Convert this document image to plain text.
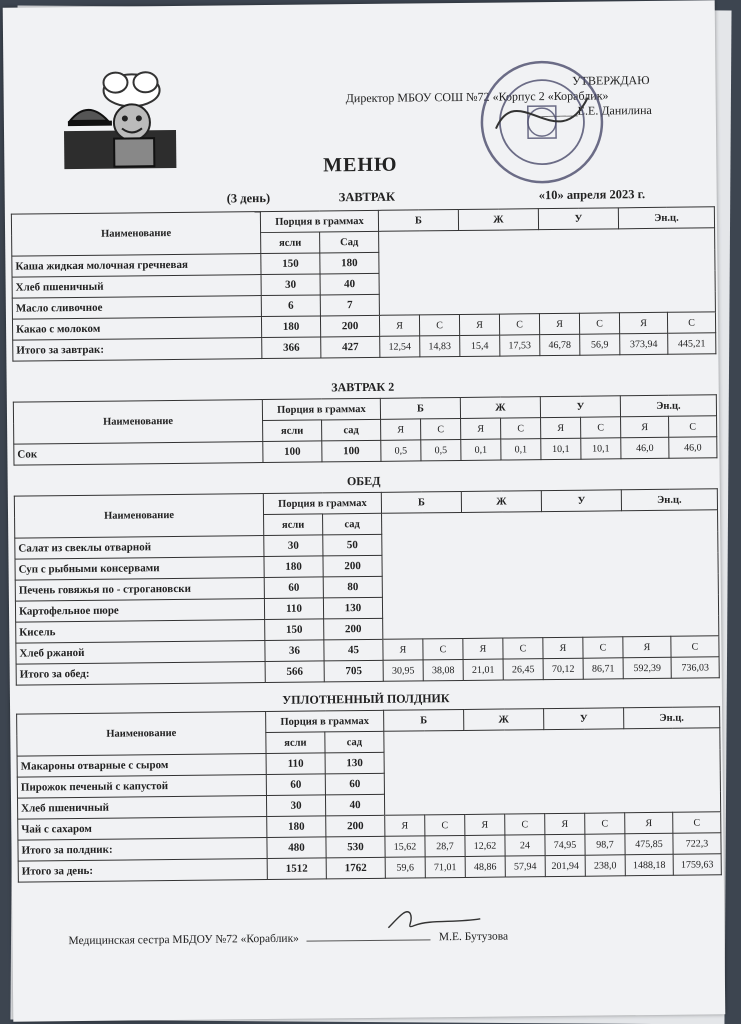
УТВЕРЖДАЮ
Директор МБОУ СОШ №72 «Корпус 2 «Кораблик»
______Е.Е. Данилина
МЕНЮ
(3 день)	ЗАВТРАК	«10» апреля 2023 г.
Наименование	Порция в граммах		Б		Ж		У		Эн.ц.	
	ясли	Сад								
Каша жидкая молочная гречневая	150	180								
Хлеб пшеничный	30	40								
Масло сливочное	6	7								
Какао с молоком	180	200	Я	С	Я	С	Я	С	Я	С
Итого за завтрак:	366	427	12,54	14,83	15,4	17,53	46,78	56,9	373,94	445,21
ЗАВТРАК 2
Наименование	Порция в граммах		Б		Ж		У		Эн.ц.	
	ясли	сад	Я	С	Я	С	Я	С	Я	С
Сок	100	100	0,5	0,5	0,1	0,1	10,1	10,1	46,0	46,0
ОБЕД
Наименование	Порция в граммах		Б		Ж		У		Эн.ц.	
	ясли	сад								
Салат из свеклы отварной	30	50								
Суп с рыбными консервами	180	200								
Печень говяжья по - строгановски	60	80								
Картофельное пюре	110	130								
Кисель	150	200								
Хлеб ржаной	36	45	Я	С	Я	С	Я	С	Я	С
Итого за обед:	566	705	30,95	38,08	21,01	26,45	70,12	86,71	592,39	736,03
УПЛОТНЕННЫЙ ПОЛДНИК
Наименование	Порция в граммах		Б		Ж		У		Эн.ц.	
	ясли	сад								
Макароны отварные с сыром	110	130								
Пирожок печеный с капустой	60	60								
Хлеб пшеничный	30	40								
Чай с сахаром	180	200	Я	С	Я	С	Я	С	Я	С
Итого за полдник:	480	530	15,62	28,7	12,62	24	74,95	98,7	475,85	722,3
Итого за день:	1512	1762	59,6	71,01	48,86	57,94	201,94	238,0	1488,18	1759,63
Медицинская сестра МБДОУ №72 «Кораблик»	М.Е. Бутузова
